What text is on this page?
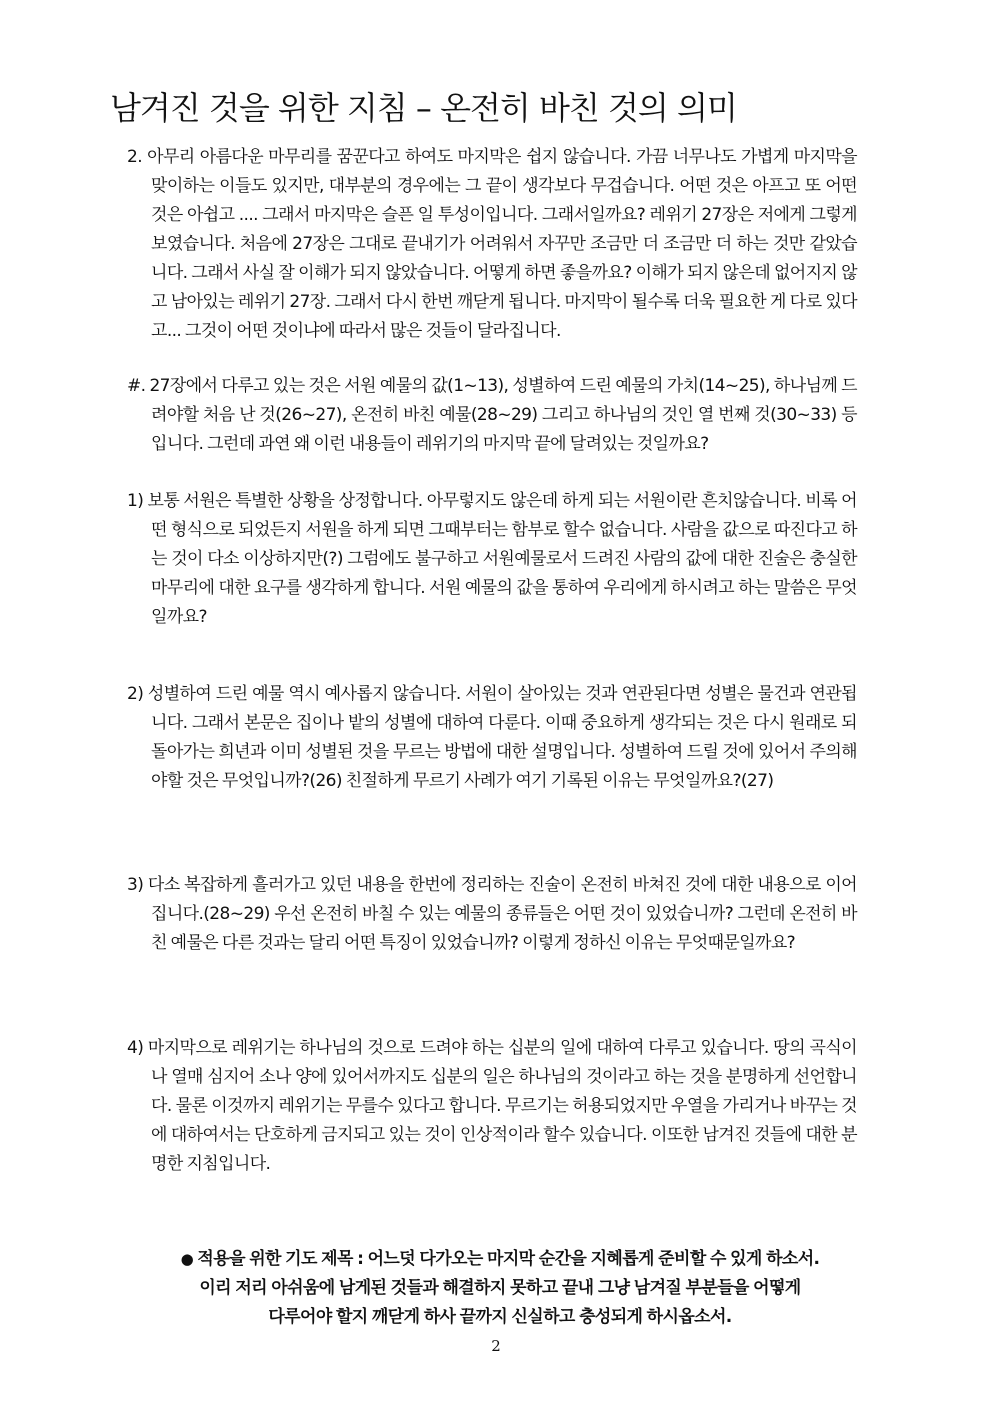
남겨진 것을 위한 지침 – 온전히 바친 것의 의미

2. 아무리 아름다운 마무리를 꿈꾼다고 하여도 마지막은 쉽지 않습니다. 가끔 너무나도 가볍게 마지막을 맞이하는 이들도 있지만, 대부분의 경우에는 그 끝이 생각보다 무겁습니다. 어떤 것은 아프고 또 어떤 것은 아쉽고 .... 그래서 마지막은 슬픈 일 투성이입니다. 그래서일까요? 레위기 27장은 저에게 그렇게 보였습니다. 처음에 27장은 그대로 끝내기가 어려워서 자꾸만 조금만 더 조금만 더 하는 것만 같았습니다. 그래서 사실 잘 이해가 되지 않았습니다. 어떻게 하면 좋을까요? 이해가 되지 않은데 없어지지 않고 남아있는 레위기 27장. 그래서 다시 한번 깨닫게 됩니다. 마지막이 될수록 더욱 필요한 게 다로 있다고... 그것이 어떤 것이냐에 따라서 많은 것들이 달라집니다.

#. 27장에서 다루고 있는 것은 서원 예물의 값(1~13), 성별하여 드린 예물의 가치(14~25), 하나님께 드려야할 처음 난 것(26~27), 온전히 바친 예물(28~29) 그리고 하나님의 것인 열 번째 것(30~33) 등입니다. 그런데 과연 왜 이런 내용들이 레위기의 마지막 끝에 달려있는 것일까요?

1) 보통 서원은 특별한 상황을 상정합니다. 아무렇지도 않은데 하게 되는 서원이란 흔치않습니다. 비록 어떤 형식으로 되었든지 서원을 하게 되면 그때부터는 함부로 할수 없습니다. 사람을 값으로 따진다고 하는 것이 다소 이상하지만(?) 그럼에도 불구하고 서원예물로서 드려진 사람의 값에 대한 진술은 충실한 마무리에 대한 요구를 생각하게 합니다. 서원 예물의 값을 통하여 우리에게 하시려고 하는 말씀은 무엇일까요?

2) 성별하여 드린 예물 역시 예사롭지 않습니다. 서원이 살아있는 것과 연관된다면 성별은 물건과 연관됩니다. 그래서 본문은 집이나 밭의 성별에 대하여 다룬다. 이때 중요하게 생각되는 것은 다시 원래로 되돌아가는 희년과 이미 성별된 것을 무르는 방법에 대한 설명입니다. 성별하여 드릴 것에 있어서 주의해야할 것은 무엇입니까?(26) 친절하게 무르기 사례가 여기 기록된 이유는 무엇일까요?(27)

3) 다소 복잡하게 흘러가고 있던 내용을 한번에 정리하는 진술이 온전히 바쳐진 것에 대한 내용으로 이어집니다.(28~29) 우선 온전히 바칠 수 있는 예물의 종류들은 어떤 것이 있었습니까? 그런데 온전히 바친 예물은 다른 것과는 달리 어떤 특징이 있었습니까? 이렇게 정하신 이유는 무엇때문일까요?

4) 마지막으로 레위기는 하나님의 것으로 드려야 하는 십분의 일에 대하여 다루고 있습니다. 땅의 곡식이나 열매 심지어 소나 양에 있어서까지도 십분의 일은 하나님의 것이라고 하는 것을 분명하게 선언합니다. 물론 이것까지 레위기는 무를수 있다고 합니다. 무르기는 허용되었지만 우열을 가리거나 바꾸는 것에 대하여서는 단호하게 금지되고 있는 것이 인상적이라 할수 있습니다. 이또한 남겨진 것들에 대한 분명한 지침입니다.

● 적용을 위한 기도 제목 : 어느덧 다가오는 마지막 순간을 지혜롭게 준비할 수 있게 하소서.

이리 저리 아쉬움에 남게된 것들과 해결하지 못하고 끝내 그냥 남겨질 부분들을 어떻게

다루어야 할지 깨닫게 하사 끝까지 신실하고 충성되게 하시옵소서.

2
